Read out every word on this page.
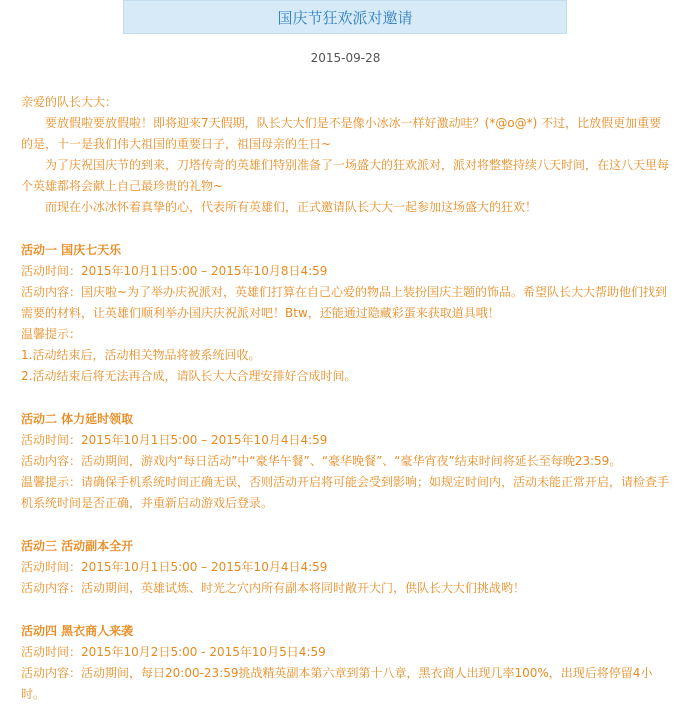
国庆节狂欢派对邀请
2015-09-28
亲爱的队长大大：
要放假啦要放假啦！即将迎来7天假期，队长大大们是不是像小冰冰一样好激动哇？(*@o@*) 不过，比放假更加重要的是，十一是我们伟大祖国的重要日子，祖国母亲的生日~
为了庆祝国庆节的到来，刀塔传奇的英雄们特别准备了一场盛大的狂欢派对，派对将整整持续八天时间，在这八天里每个英雄都将会献上自己最珍贵的礼物~
而现在小冰冰怀着真挚的心，代表所有英雄们，正式邀请队长大大一起参加这场盛大的狂欢！
活动一 国庆七天乐
活动时间：2015年10月1日5:00 – 2015年10月8日4:59
活动内容：国庆啦~为了举办庆祝派对，英雄们打算在自己心爱的物品上装扮国庆主题的饰品。希望队长大大帮助他们找到需要的材料，让英雄们顺利举办国庆庆祝派对吧！Btw，还能通过隐藏彩蛋来获取道具哦！
温馨提示：
1.活动结束后，活动相关物品将被系统回收。
2.活动结束后将无法再合成，请队长大大合理安排好合成时间。
活动二 体力延时领取
活动时间：2015年10月1日5:00 – 2015年10月4日4:59
活动内容：活动期间，游戏内“每日活动”中“豪华午餐”、“豪华晚餐”、“豪华宵夜”结束时间将延长至每晚23:59。
温馨提示：请确保手机系统时间正确无误，否则活动开启将可能会受到影响；如规定时间内，活动未能正常开启，请检查手机系统时间是否正确，并重新启动游戏后登录。
活动三 活动副本全开
活动时间：2015年10月1日5:00 – 2015年10月4日4:59
活动内容：活动期间，英雄试炼、时光之穴内所有副本将同时敞开大门，供队长大大们挑战哟！
活动四 黑衣商人来袭
活动时间：2015年10月2日5:00 - 2015年10月5日4:59
活动内容：活动期间，每日20:00-23:59挑战精英副本第六章到第十八章，黑衣商人出现几率100%，出现后将停留4小时。
